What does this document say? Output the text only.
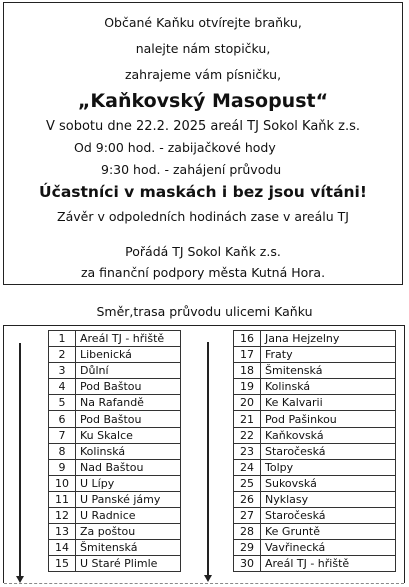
Občané Kaňku otvírejte braňku,
nalejte nám stopičku,
zahrajeme vám písničku,
„Kaňkovský Masopust“
V sobotu dne 22.2. 2025 areál TJ Sokol Kaňk z.s.
Od 9:00 hod. - zabijačkové hody
9:30 hod. - zahájení průvodu
Účastníci v maskách i bez jsou vítáni!
Závěr v odpoledních hodinách zase v areálu TJ
Pořádá TJ Sokol Kaňk z.s.
za finanční podpory města Kutná Hora.
Směr,trasa průvodu ulicemi Kaňku
1	Areál TJ - hřiště
2	Libenická
3	Důlní
4	Pod Baštou
5	Na Rafandě
6	Pod Baštou
7	Ku Skalce
8	Kolinská
9	Nad Baštou
10	U Lípy
11	U Panské jámy
12	U Radnice
13	Za poštou
14	Šmitenská
15	U Staré Plimle
16	Jana Hejzelny
17	Fraty
18	Šmitenská
19	Kolinská
20	Ke Kalvarii
21	Pod Pašinkou
22	Kaňkovská
23	Staročeská
24	Tolpy
25	Sukovská
26	Nyklasy
27	Staročeská
28	Ke Gruntě
29	Vavřinecká
30	Areál TJ - hřiště
